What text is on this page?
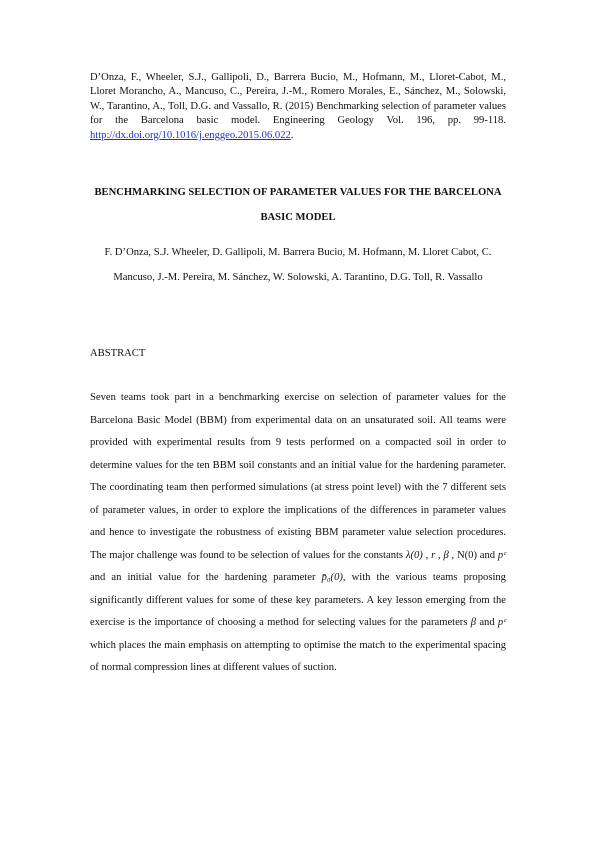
D’Onza, F., Wheeler, S.J., Gallipoli, D., Barrera Bucio, M., Hofmann, M., Lloret-Cabot, M., Lloret Morancho, A., Mancuso, C., Pereira, J.-M., Romero Morales, E., Sánchez, M., Solowski, W., Tarantino, A., Toll, D.G. and Vassallo, R. (2015) Benchmarking selection of parameter values for the Barcelona basic model. Engineering Geology Vol. 196, pp. 99-118. http://dx.doi.org/10.1016/j.enggeo.2015.06.022.
BENCHMARKING SELECTION OF PARAMETER VALUES FOR THE BARCELONA BASIC MODEL
F. D’Onza, S.J. Wheeler, D. Gallipoli, M. Barrera Bucio, M. Hofmann, M. Lloret Cabot, C. Mancuso, J.-M. Pereira, M. Sánchez, W. Solowski, A. Tarantino, D.G. Toll, R. Vassallo
ABSTRACT
Seven teams took part in a benchmarking exercise on selection of parameter values for the Barcelona Basic Model (BBM) from experimental data on an unsaturated soil. All teams were provided with experimental results from 9 tests performed on a compacted soil in order to determine values for the ten BBM soil constants and an initial value for the hardening parameter. The coordinating team then performed simulations (at stress point level) with the 7 different sets of parameter values, in order to explore the implications of the differences in parameter values and hence to investigate the robustness of existing BBM parameter value selection procedures. The major challenge was found to be selection of values for the constants λ(0) , r , β , N(0) and pᶜ and an initial value for the hardening parameter p̄₀(0), with the various teams proposing significantly different values for some of these key parameters. A key lesson emerging from the exercise is the importance of choosing a method for selecting values for the parameters β and pᶜ which places the main emphasis on attempting to optimise the match to the experimental spacing of normal compression lines at different values of suction.
